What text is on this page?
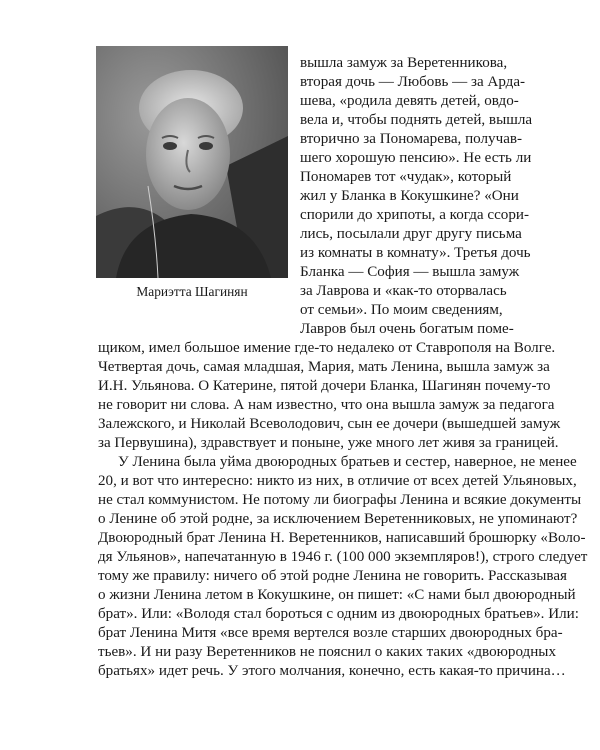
Мариэтта Шагинян
вышла замуж за Веретенникова,
вторая дочь — Любовь — за Арда-
шева, «родила девять детей, овдо-
вела и, чтобы поднять детей, вышла
вторично за Пономарева, получав-
шего хорошую пенсию». Не есть ли
Пономарев тот «чудак», который
жил у Бланка в Кокушкине? «Они
спорили до хрипоты, а когда ссори-
лись, посылали друг другу письма
из комнаты в комнату». Третья дочь
Бланка — София — вышла замуж
за Лаврова и «как-то оторвалась
от семьи». По моим сведениям,
Лавров был очень богатым поме-
щиком, имел большое имение где-то недалеко от Ставрополя на Волге.
Четвертая дочь, самая младшая, Мария, мать Ленина, вышла замуж за
И.Н. Ульянова. О Катерине, пятой дочери Бланка, Шагинян почему-то
не говорит ни слова. А нам известно, что она вышла замуж за педагога
Залежского, и Николай Всеволодович, сын ее дочери (вышедшей замуж
за Первушина), здравствует и поныне, уже много лет живя за границей.
У Ленина была уйма двоюродных братьев и сестер, наверное, не менее
20, и вот что интересно: никто из них, в отличие от всех детей Ульяновых,
не стал коммунистом. Не потому ли биографы Ленина и всякие документы
о Ленине об этой родне, за исключением Веретенниковых, не упоминают?
Двоюродный брат Ленина Н. Веретенников, написавший брошюрку «Воло-
дя Ульянов», напечатанную в 1946 г. (100 000 экземпляров!), строго следует
тому же правилу: ничего об этой родне Ленина не говорить. Рассказывая
о жизни Ленина летом в Кокушкине, он пишет: «С нами был двоюродный
брат». Или: «Володя стал бороться с одним из двоюродных братьев». Или:
брат Ленина Митя «все время вертелся возле старших двоюродных бра-
тьев». И ни разу Веретенников не пояснил о каких таких «двоюродных
братьях» идет речь. У этого молчания, конечно, есть какая-то причина…
